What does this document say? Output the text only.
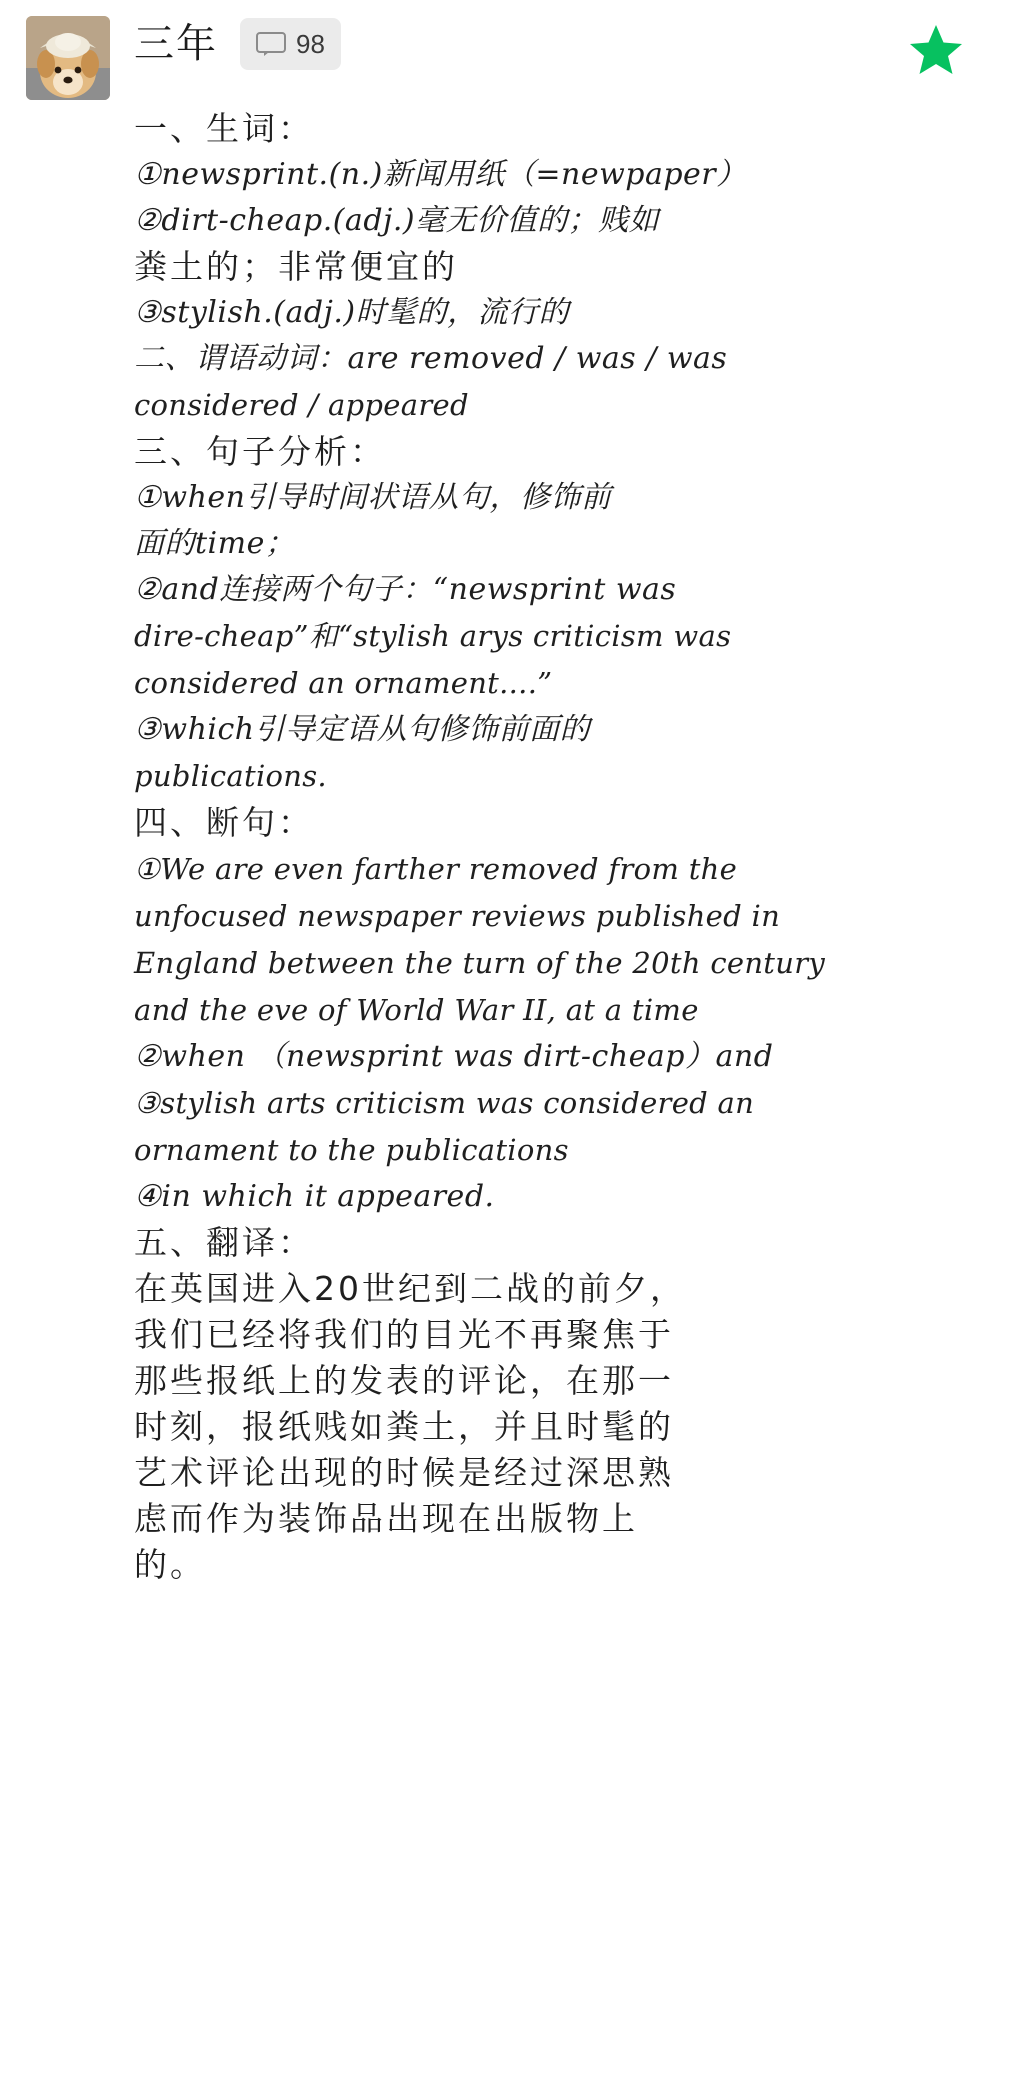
三年	98
一、生词：
①newsprint.(n.)新闻用纸（=newpaper）
②dirt-cheap.(adj.)毫无价值的；贱如
粪土的；非常便宜的
③stylish.(adj.)时髦的，流行的
二、谓语动词：are removed / was / was
considered / appeared
三、句子分析：
①when引导时间状语从句，修饰前
面的time；
②and连接两个句子：“newsprint was
dire-cheap”和“stylish arys criticism was
considered an ornament....”
③which引导定语从句修饰前面的
publications.
四、断句：
①We are even farther removed from the
unfocused newspaper reviews published in
England between the turn of the 20th century
and the eve of World War II, at a time
②when （newsprint was dirt-cheap）and
③stylish arts criticism was considered an
ornament to the publications
④in which it appeared.
五、翻译：
在英国进入20世纪到二战的前夕，
我们已经将我们的目光不再聚焦于
那些报纸上的发表的评论，在那一
时刻，报纸贱如粪土，并且时髦的
艺术评论出现的时候是经过深思熟
虑而作为装饰品出现在出版物上
的。
